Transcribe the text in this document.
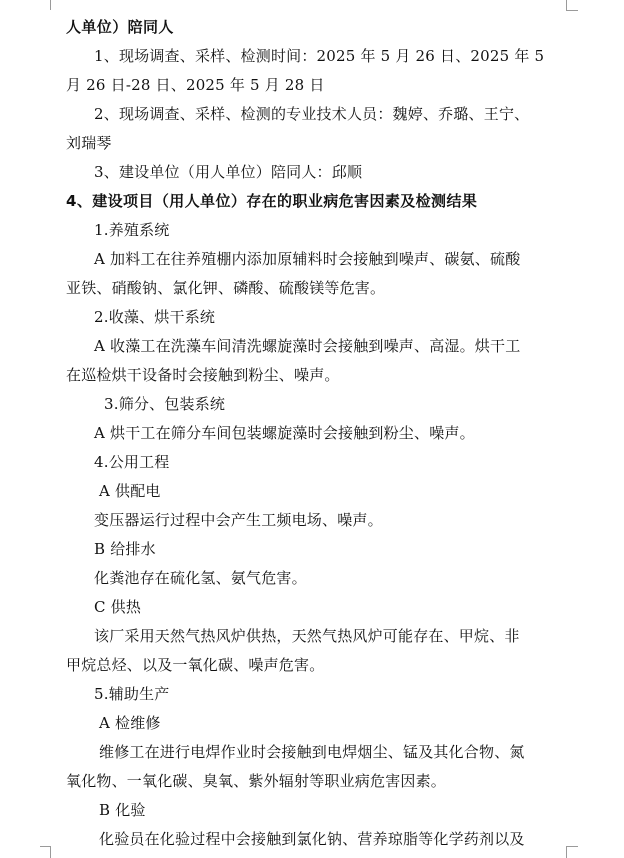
人单位）陪同人
1、现场调查、采样、检测时间：2025 年 5 月 26 日、2025 年 5
月 26 日-28 日、2025 年 5 月 28 日
2、现场调查、采样、检测的专业技术人员：魏婷、乔璐、王宁、
刘瑞琴
3、建设单位（用人单位）陪同人：邱顺
4、建设项目（用人单位）存在的职业病危害因素及检测结果
1.养殖系统
A 加料工在往养殖棚内添加原辅料时会接触到噪声、碳氨、硫酸
亚铁、硝酸钠、氯化钾、磷酸、硫酸镁等危害。
2.收藻、烘干系统
A 收藻工在洗藻车间清洗螺旋藻时会接触到噪声、高湿。烘干工
在巡检烘干设备时会接触到粉尘、噪声。
3.筛分、包装系统
A 烘干工在筛分车间包装螺旋藻时会接触到粉尘、噪声。
4.公用工程
A 供配电
变压器运行过程中会产生工频电场、噪声。
B 给排水
化粪池存在硫化氢、氨气危害。
C 供热
该厂采用天然气热风炉供热，天然气热风炉可能存在、甲烷、非
甲烷总烃、以及一氧化碳、噪声危害。
5.辅助生产
A 检维修
维修工在进行电焊作业时会接触到电焊烟尘、锰及其化合物、氮
氧化物、一氧化碳、臭氧、紫外辐射等职业病危害因素。
B 化验
化验员在化验过程中会接触到氯化钠、营养琼脂等化学药剂以及
